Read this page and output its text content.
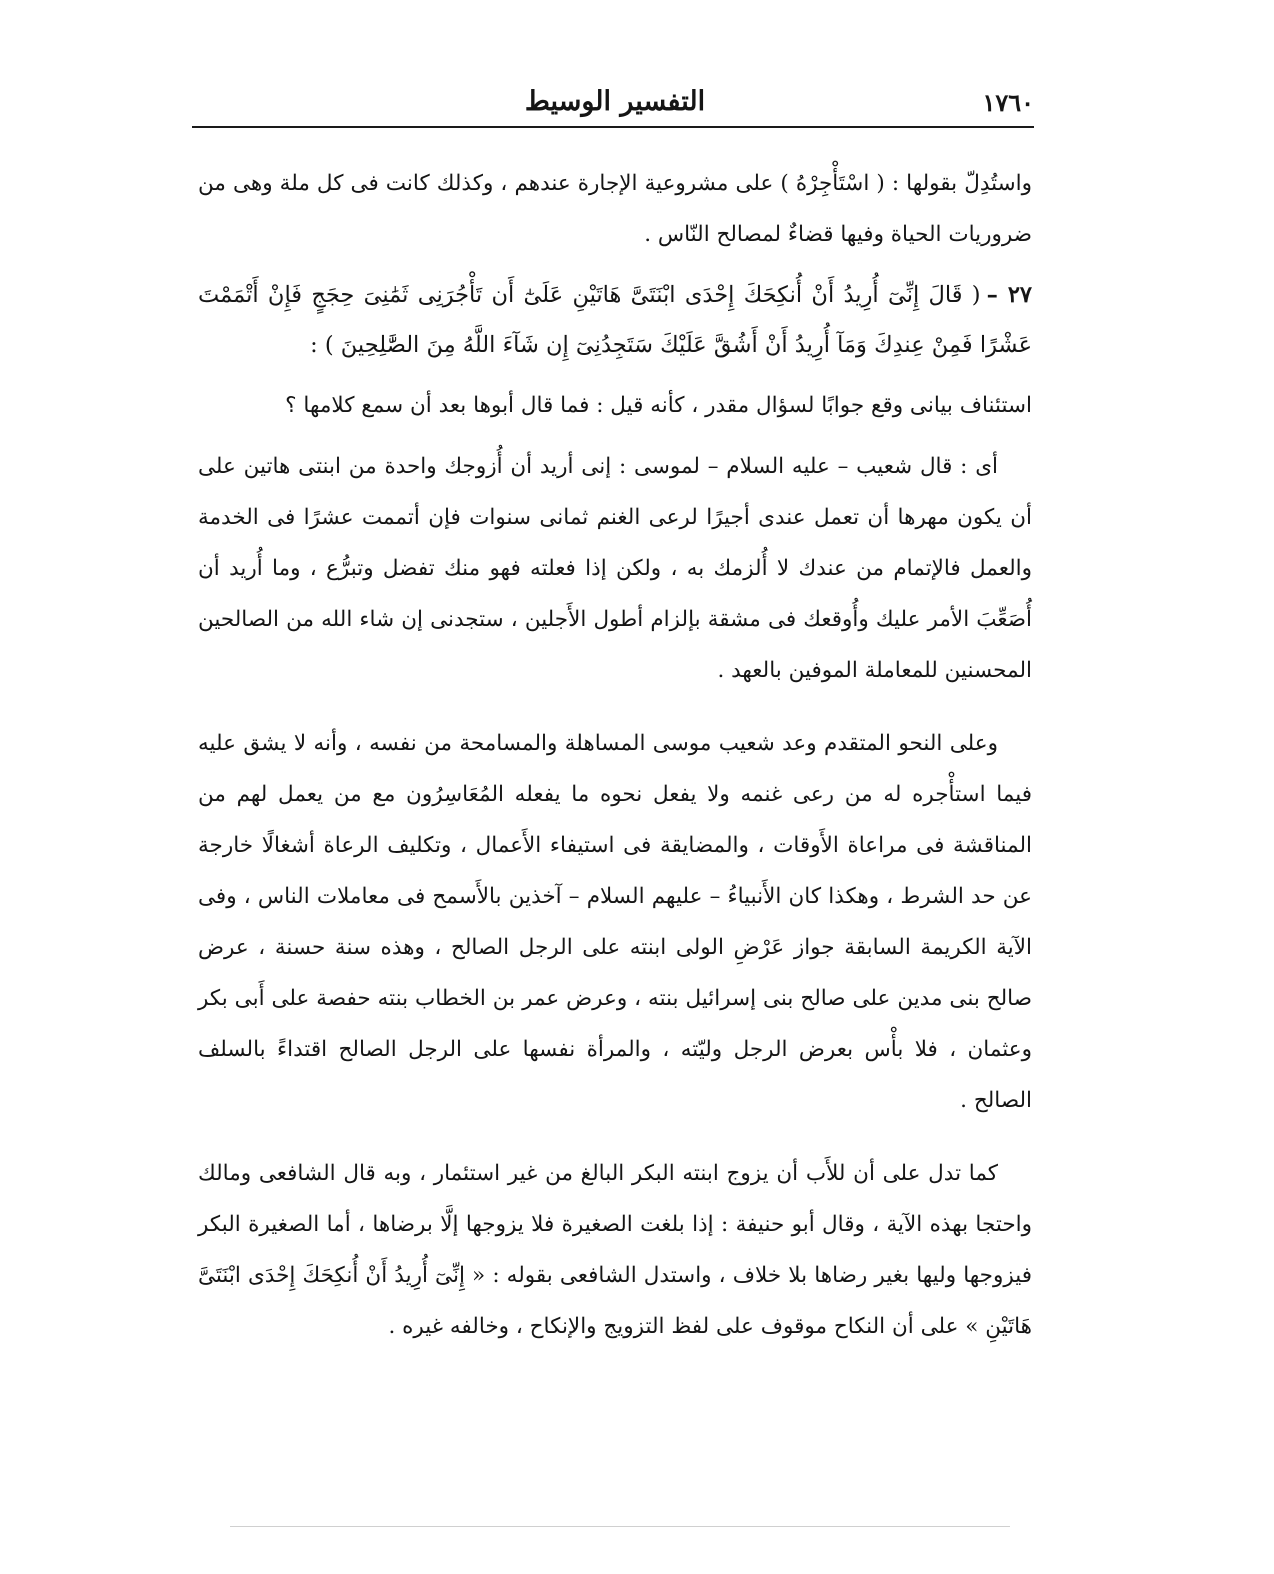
١٧٦٠
التفسير الوسيط

واستُدِلّ بقولها : ( اسْتَأْجِرْهُ ) على مشروعية الإجارة عندهم ، وكذلك كانت فى كل ملة وهى من ضروريات الحياة وفيها قضاءٌ لمصالح النّاس .

٢٧ –( قَالَ إِنِّىٓ أُرِيدُ أَنْ أُنكِحَكَ إِحْدَى ابْنَتَىَّ هَاتَيْنِ عَلَىٰٓ أَن تَأْجُرَنِى ثَمَٰنِىَ حِجَجٍ فَإِنْ أَتْمَمْتَ عَشْرًا فَمِنْ عِندِكَ وَمَآ أُرِيدُ أَنْ أَشُقَّ عَلَيْكَ سَتَجِدُنِىٓ إِن شَآءَ اللَّهُ مِنَ الصَّٰلِحِينَ ) :

استئناف بيانى وقع جوابًا لسؤال مقدر ، كأنه قيل : فما قال أبوها بعد أن سمع كلامها ؟

أى : قال شعيب – عليه السلام – لموسى : إنى أريد أن أُزوجك واحدة من ابنتى هاتين على أن يكون مهرها أن تعمل عندى أجيرًا لرعى الغنم ثمانى سنوات فإن أتممت عشرًا فى الخدمة والعمل فالإتمام من عندك لا أُلزمك به ، ولكن إذا فعلته فهو منك تفضل وتبرُّع ، وما أُريد أن أُصَعِّبَ الأمر عليك وأُوقعك فى مشقة بإلزام أطول الأَجلين ، ستجدنى إن شاء الله من الصالحين المحسنين للمعاملة الموفين بالعهد .

وعلى النحو المتقدم وعد شعيب موسى المساهلة والمسامحة من نفسه ، وأنه لا يشق عليه فيما استأْجره له من رعى غنمه ولا يفعل نحوه ما يفعله المُعَاسِرُون مع من يعمل لهم من المناقشة فى مراعاة الأَوقات ، والمضايقة فى استيفاء الأَعمال ، وتكليف الرعاة أشغالًا خارجة عن حد الشرط ، وهكذا كان الأَنبياءُ – عليهم السلام – آخذين بالأَسمح فى معاملات الناس ، وفى الآية الكريمة السابقة جواز عَرْضِ الولى ابنته على الرجل الصالح ، وهذه سنة حسنة ، عرض صالح بنى مدين على صالح بنى إسرائيل بنته ، وعرض عمر بن الخطاب بنته حفصة على أَبى بكر وعثمان ، فلا بأْس بعرض الرجل وليّته ، والمرأة نفسها على الرجل الصالح اقتداءً بالسلف الصالح .

كما تدل على أن للأَب أن يزوج ابنته البكر البالغ من غير استئمار ، وبه قال الشافعى ومالك واحتجا بهذه الآية ، وقال أبو حنيفة : إذا بلغت الصغيرة فلا يزوجها إلَّا برضاها ، أما الصغيرة البكر فيزوجها وليها بغير رضاها بلا خلاف ، واستدل الشافعى بقوله : « إِنِّىٓ أُرِيدُ أَنْ أُنكِحَكَ إِحْدَى ابْنَتَىَّ هَاتَيْنِ » على أن النكاح موقوف على لفظ التزويج والإنكاح ، وخالفه غيره .
